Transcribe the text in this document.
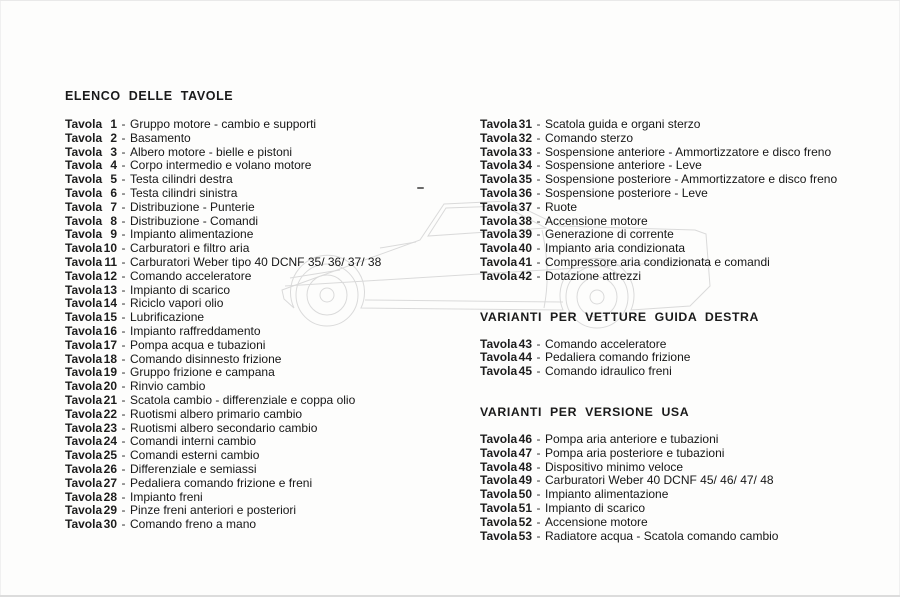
ELENCO DELLE TAVOLE
Tavola 1 - Gruppo motore - cambio e supporti
Tavola 2 - Basamento
Tavola 3 - Albero motore - bielle e pistoni
Tavola 4 - Corpo intermedio e volano motore
Tavola 5 - Testa cilindri destra
Tavola 6 - Testa cilindri sinistra
Tavola 7 - Distribuzione - Punterie
Tavola 8 - Distribuzione - Comandi
Tavola 9 - Impianto alimentazione
Tavola 10 - Carburatori e filtro aria
Tavola 11 - Carburatori Weber tipo 40 DCNF 35/ 36/ 37/ 38
Tavola 12 - Comando acceleratore
Tavola 13 - Impianto di scarico
Tavola 14 - Riciclo vapori olio
Tavola 15 - Lubrificazione
Tavola 16 - Impianto raffreddamento
Tavola 17 - Pompa acqua e tubazioni
Tavola 18 - Comando disinnesto frizione
Tavola 19 - Gruppo frizione e campana
Tavola 20 - Rinvio cambio
Tavola 21 - Scatola cambio - differenziale e coppa olio
Tavola 22 - Ruotismi albero primario cambio
Tavola 23 - Ruotismi albero secondario cambio
Tavola 24 - Comandi interni cambio
Tavola 25 - Comandi esterni cambio
Tavola 26 - Differenziale e semiassi
Tavola 27 - Pedaliera comando frizione e freni
Tavola 28 - Impianto freni
Tavola 29 - Pinze freni anteriori e posteriori
Tavola 30 - Comando freno a mano
Tavola 31 - Scatola guida e organi sterzo
Tavola 32 - Comando sterzo
Tavola 33 - Sospensione anteriore - Ammortizzatore e disco freno
Tavola 34 - Sospensione anteriore - Leve
Tavola 35 - Sospensione posteriore - Ammortizzatore e disco freno
Tavola 36 - Sospensione posteriore - Leve
Tavola 37 - Ruote
Tavola 38 - Accensione motore
Tavola 39 - Generazione di corrente
Tavola 40 - Impianto aria condizionata
Tavola 41 - Compressore aria condizionata e comandi
Tavola 42 - Dotazione attrezzi
VARIANTI PER VETTURE GUIDA DESTRA
Tavola 43 - Comando acceleratore
Tavola 44 - Pedaliera comando frizione
Tavola 45 - Comando idraulico freni
VARIANTI PER VERSIONE USA
Tavola 46 - Pompa aria anteriore e tubazioni
Tavola 47 - Pompa aria posteriore e tubazioni
Tavola 48 - Dispositivo minimo veloce
Tavola 49 - Carburatori Weber 40 DCNF 45/ 46/ 47/ 48
Tavola 50 - Impianto alimentazione
Tavola 51 - Impianto di scarico
Tavola 52 - Accensione motore
Tavola 53 - Radiatore acqua - Scatola comando cambio
